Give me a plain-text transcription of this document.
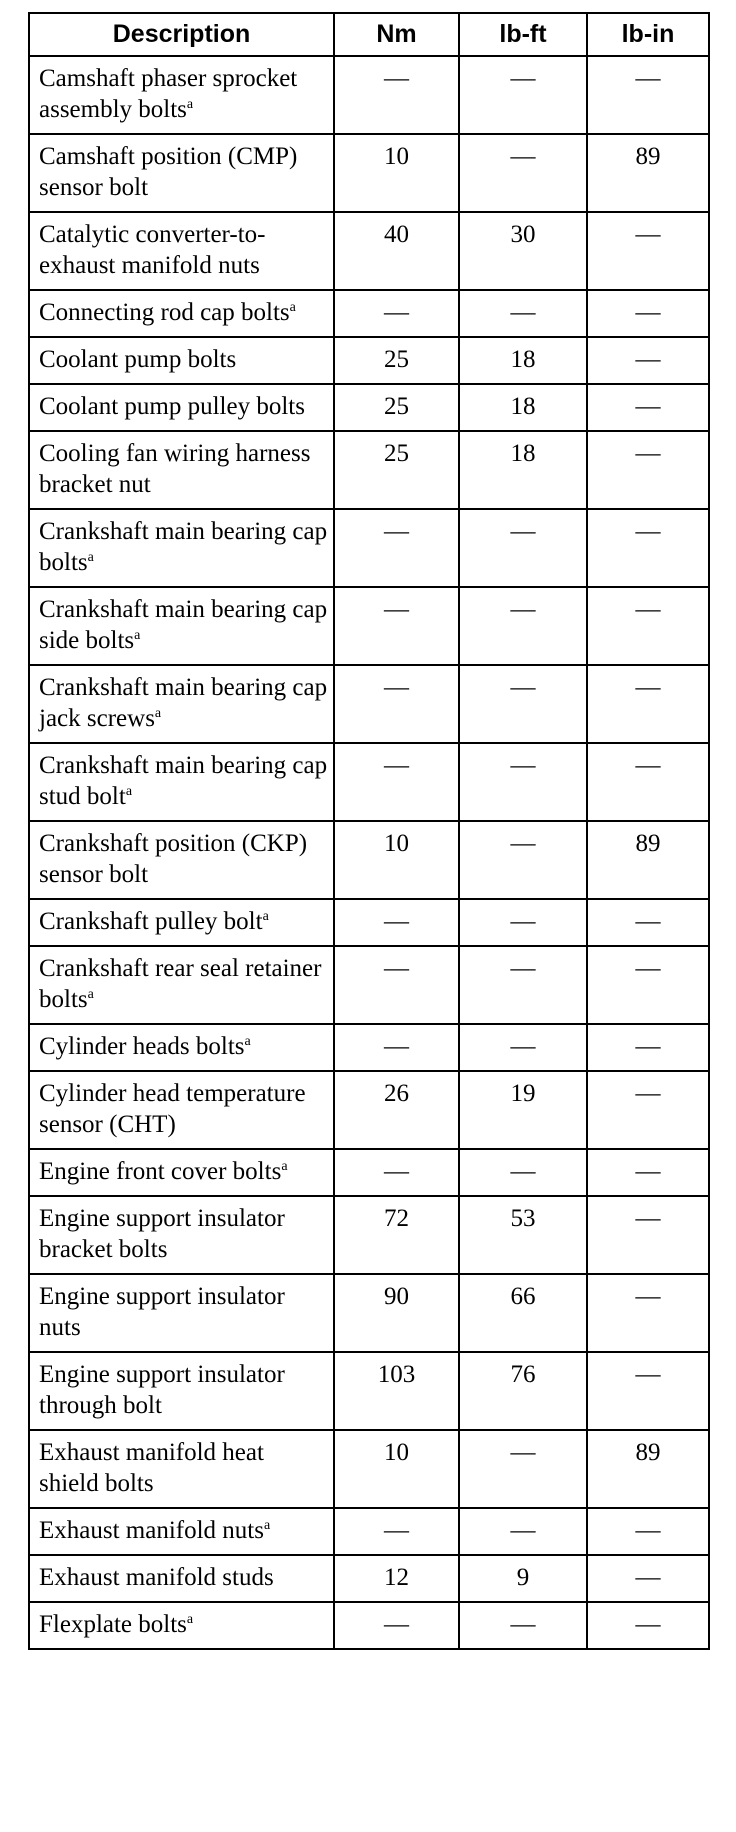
Description	Nm	lb-ft	lb-in
Camshaft phaser sprocket assembly bolts$^a$	—	—	—
Camshaft position (CMP) sensor bolt	10	—	89
Catalytic converter-to-exhaust manifold nuts	40	30	—
Connecting rod cap bolts$^a$	—	—	—
Coolant pump bolts	25	18	—
Coolant pump pulley bolts	25	18	—
Cooling fan wiring harness bracket nut	25	18	—
Crankshaft main bearing cap bolts$^a$	—	—	—
Crankshaft main bearing cap side bolts$^a$	—	—	—
Crankshaft main bearing cap jack screws$^a$	—	—	—
Crankshaft main bearing cap stud bolt$^a$	—	—	—
Crankshaft position (CKP) sensor bolt	10	—	89
Crankshaft pulley bolt$^a$	—	—	—
Crankshaft rear seal retainer bolts$^a$	—	—	—
Cylinder heads bolts$^a$	—	—	—
Cylinder head temperature sensor (CHT)	26	19	—
Engine front cover bolts$^a$	—	—	—
Engine support insulator bracket bolts	72	53	—
Engine support insulator nuts	90	66	—
Engine support insulator through bolt	103	76	—
Exhaust manifold heat shield bolts	10	—	89
Exhaust manifold nuts$^a$	—	—	—
Exhaust manifold studs	12	9	—
Flexplate bolts$^a$	—	—	—
